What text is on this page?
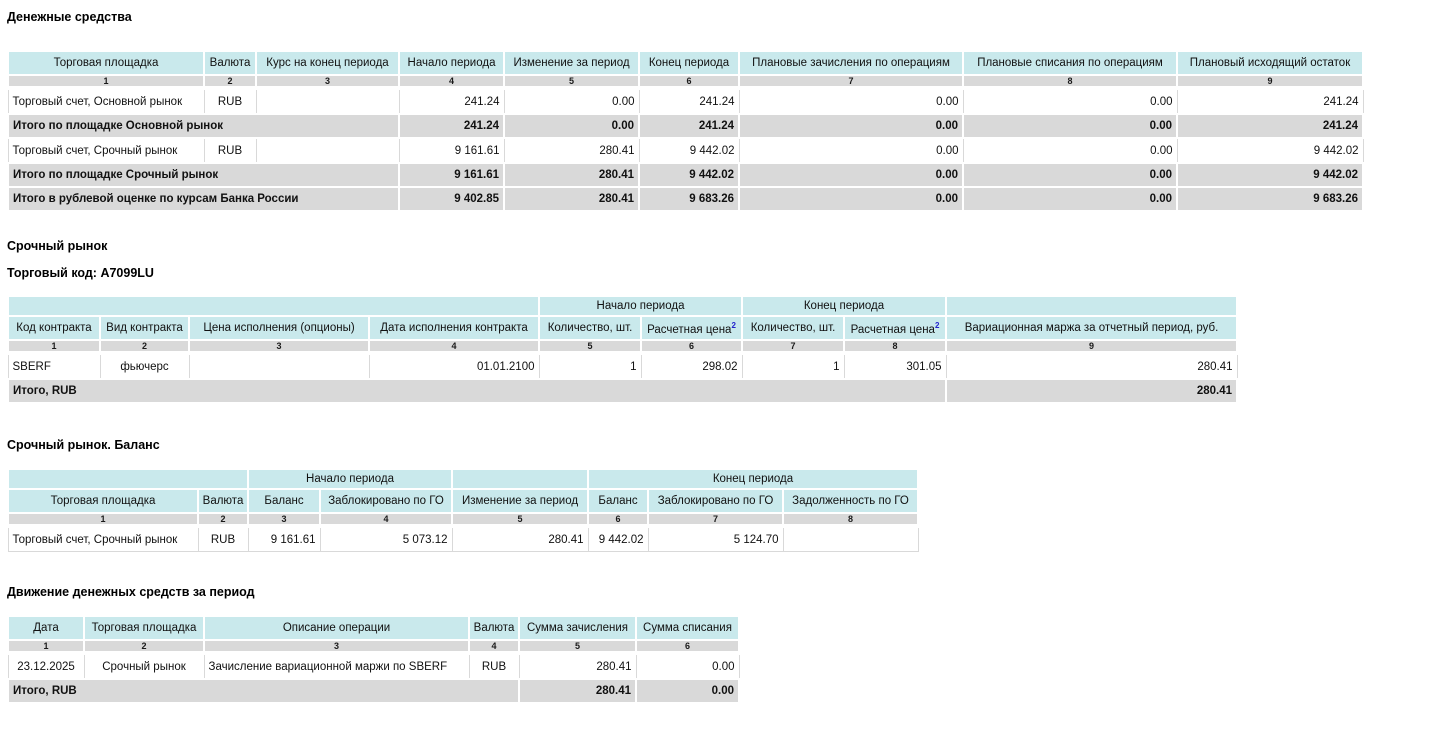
Денежные средства
Торговая площадка	Валюта	Курс на конец периода	Начало периода	Изменение за период	Конец периода	Плановые зачисления по операциям	Плановые списания по операциям	Плановый исходящий остаток
1	2	3	4	5	6	7	8	9
Торговый счет, Основной рынок	RUB		241.24	0.00	241.24	0.00	0.00	241.24
Итого по площадке Основной рынок			241.24	0.00	241.24	0.00	0.00	241.24
Торговый счет, Срочный рынок	RUB		9 161.61	280.41	9 442.02	0.00	0.00	9 442.02
Итого по площадке Срочный рынок			9 161.61	280.41	9 442.02	0.00	0.00	9 442.02
Итого в рублевой оценке по курсам Банка России			9 402.85	280.41	9 683.26	0.00	0.00	9 683.26
Срочный рынок
Торговый код: A7099LU
				Начало периода		Конец периода		
Код контракта	Вид контракта	Цена исполнения (опционы)	Дата исполнения контракта	Количество, шт.	Расчетная цена$^2$	Количество, шт.	Расчетная цена$^2$	Вариационная маржа за отчетный период, руб.
1	2	3	4	5	6	7	8	9
SBERF	фьючерс		01.01.2100	1	298.02	1	301.05	280.41
Итого, RUB								280.41
Срочный рынок. Баланс
		Начало периода			Конец периода		
Торговая площадка	Валюта	Баланс	Заблокировано по ГО	Изменение за период	Баланс	Заблокировано по ГО	Задолженность по ГО
1	2	3	4	5	6	7	8
Торговый счет, Срочный рынок	RUB	9 161.61	5 073.12	280.41	9 442.02	5 124.70	
Движение денежных средств за период
Дата	Торговая площадка	Описание операции	Валюта	Сумма зачисления	Сумма списания
1	2	3	4	5	6
23.12.2025	Срочный рынок	Зачисление вариационной маржи по SBERF	RUB	280.41	0.00
Итого, RUB				280.41	0.00
